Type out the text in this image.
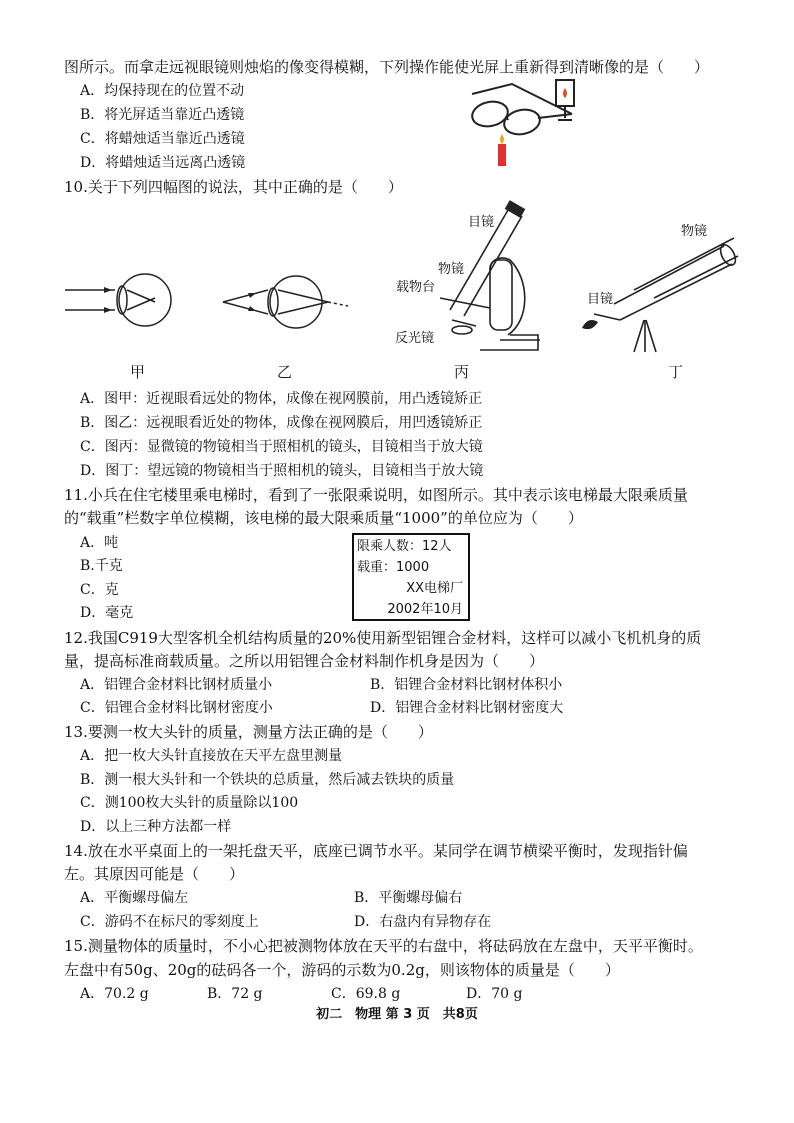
图所示。而拿走远视眼镜则烛焰的像变得模糊，下列操作能使光屏上重新得到清晰像的是（　　）
A．均保持现在的位置不动
B．将光屏适当靠近凸透镜
C．将蜡烛适当靠近凸透镜
D．将蜡烛适当远离凸透镜
10.关于下列四幅图的说法，其中正确的是（　　）
目镜
物镜
载物台
反光镜
物镜
目镜
甲	乙	丙	丁
A．图甲：近视眼看远处的物体，成像在视网膜前，用凸透镜矫正
B．图乙：远视眼看近处的物体，成像在视网膜后，用凹透镜矫正
C．图丙：显微镜的物镜相当于照相机的镜头，目镜相当于放大镜
D．图丁：望远镜的物镜相当于照相机的镜头，目镜相当于放大镜
11.小兵在住宅楼里乘电梯时，看到了一张限乘说明，如图所示。其中表示该电梯最大限乘质量
的“载重”栏数字单位模糊，该电梯的最大限乘质量“1000”的单位应为（　　）
A．吨
B.千克
C．克
D．毫克
限乘人数：12人
载重：1000
XX电梯厂
2002年10月
12.我国C919大型客机全机结构质量的20%使用新型铝锂合金材料，这样可以减小飞机机身的质
量，提高标准商载质量。之所以用铝锂合金材料制作机身是因为（　　）
A．铝锂合金材料比钢材质量小	B．铝锂合金材料比钢材体积小
C．铝锂合金材料比钢材密度小	D．铝锂合金材料比钢材密度大
13.要测一枚大头针的质量，测量方法正确的是（　　）
A．把一枚大头针直接放在天平左盘里测量
B．测一根大头针和一个铁块的总质量，然后减去铁块的质量
C．测100枚大头针的质量除以100
D．以上三种方法都一样
14.放在水平桌面上的一架托盘天平，底座已调节水平。某同学在调节横梁平衡时，发现指针偏
左。其原因可能是（　　）
A．平衡螺母偏左	B．平衡螺母偏右
C．游码不在标尺的零刻度上	D．右盘内有异物存在
15.测量物体的质量时，不小心把被测物体放在天平的右盘中，将砝码放在左盘中，天平平衡时。
左盘中有50g、20g的砝码各一个，游码的示数为0.2g，则该物体的质量是（　　）
A．70.2 g	B．72 g	C．69.8 g	D．70 g
初二　物理 第 3 页　共8页
